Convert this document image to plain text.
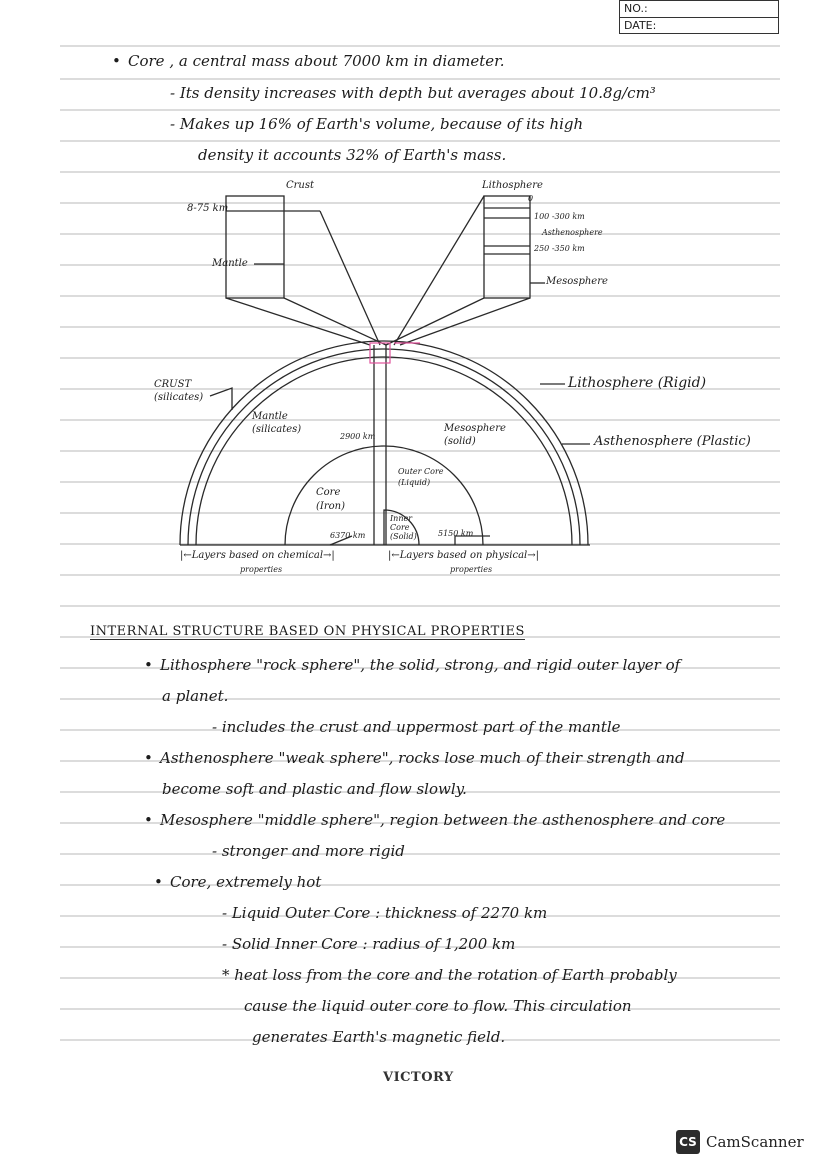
NO.:
DATE:
• Core , a central mass about 7000 km in diameter.
- Its density increases with depth but averages about 10.8g/cm³
- Makes up 16% of Earth's volume, because of its high
density it accounts 32% of Earth's mass.
Crust	Lithosphere
8-75 km
Mantle
0
100 -300 km
Asthenosphere
250 -350 km
Mesosphere
CRUST (silicates)
Mantle (silicates)
2900 km
Mesosphere (solid)
Lithosphere (Rigid)
Asthenosphere (Plastic)
Outer Core (Liquid)
Core (Iron)
Inner Core (Solid)
6370 km	5150 km
|←Layers based on chemical→|
properties
|←Layers based on physical→|
properties
INTERNAL STRUCTURE BASED ON PHYSICAL PROPERTIES
• Lithosphere "rock sphere", the solid, strong, and rigid outer layer of
a planet.
- includes the crust and uppermost part of the mantle
• Asthenosphere "weak sphere", rocks lose much of their strength and
become soft and plastic and flow slowly.
• Mesosphere "middle sphere", region between the asthenosphere and core
- stronger and more rigid
• Core, extremely hot
- Liquid Outer Core : thickness of 2270 km
- Solid Inner Core : radius of 1,200 km
* heat loss from the core and the rotation of Earth probably
cause the liquid outer core to flow. This circulation
generates Earth's magnetic field.
VICTORY
CS CamScanner
